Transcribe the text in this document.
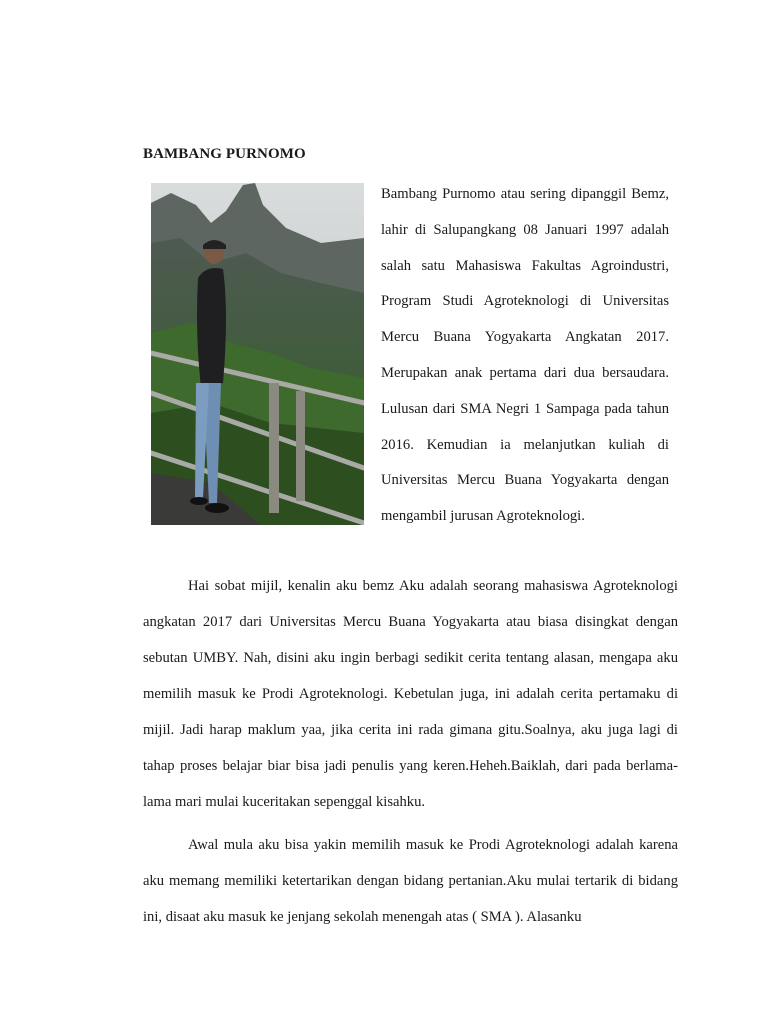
BAMBANG PURNOMO
Bambang Purnomo atau sering dipanggil Bemz, lahir di Salupangkang 08 Januari 1997 adalah salah satu Mahasiswa Fakultas Agroindustri, Program Studi Agroteknologi di Universitas Mercu Buana Yogyakarta Angkatan 2017. Merupakan anak pertama dari dua bersaudara. Lulusan dari SMA Negri 1 Sampaga pada tahun 2016. Kemudian ia melanjutkan kuliah di Universitas Mercu Buana Yogyakarta dengan mengambil jurusan Agroteknologi.

Hai sobat mijil, kenalin aku bemz Aku adalah seorang mahasiswa Agroteknologi angkatan 2017 dari Universitas Mercu Buana Yogyakarta atau biasa disingkat dengan sebutan UMBY. Nah, disini aku ingin berbagi sedikit cerita tentang alasan, mengapa aku memilih masuk ke Prodi Agroteknologi. Kebetulan juga, ini adalah cerita pertamaku di mijil. Jadi harap maklum yaa, jika cerita ini rada gimana gitu.Soalnya, aku juga lagi di tahap proses belajar biar bisa jadi penulis yang keren.Heheh.Baiklah, dari pada berlama-lama mari mulai kuceritakan sepenggal kisahku.

Awal mula aku bisa yakin memilih masuk ke Prodi Agroteknologi adalah karena aku memang memiliki ketertarikan dengan bidang pertanian.Aku mulai tertarik di bidang ini, disaat aku masuk ke jenjang sekolah menengah atas ( SMA ). Alasanku
